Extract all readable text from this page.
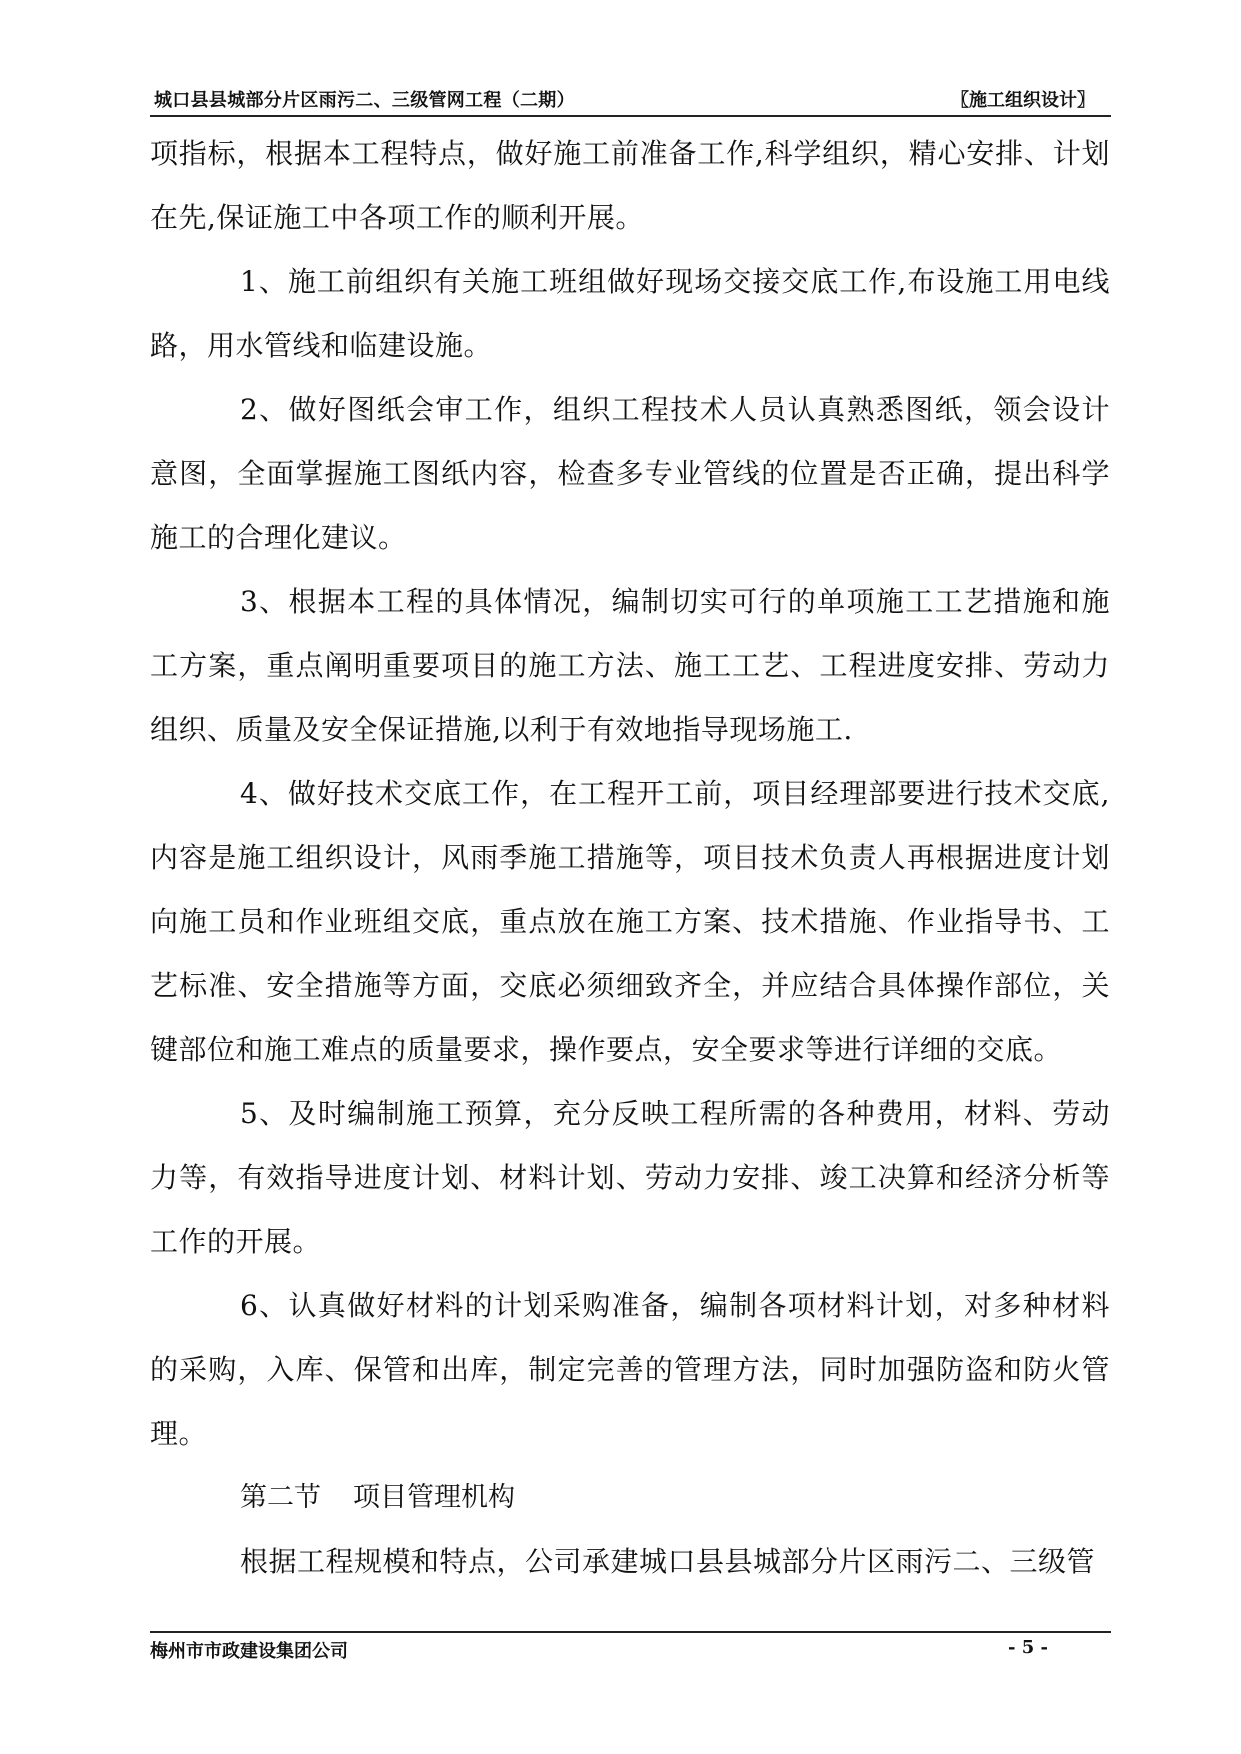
城口县县城部分片区雨污二、三级管网工程（二期）	〖施工组织设计〗

项指标，根据本工程特点，做好施工前准备工作,科学组织，精心安排、计划在先,保证施工中各项工作的顺利开展。

1、施工前组织有关施工班组做好现场交接交底工作,布设施工用电线路，用水管线和临建设施。

2、做好图纸会审工作，组织工程技术人员认真熟悉图纸，领会设计意图，全面掌握施工图纸内容，检查多专业管线的位置是否正确，提出科学施工的合理化建议。

3、根据本工程的具体情况，编制切实可行的单项施工工艺措施和施工方案，重点阐明重要项目的施工方法、施工工艺、工程进度安排、劳动力组织、质量及安全保证措施,以利于有效地指导现场施工.

4、做好技术交底工作，在工程开工前，项目经理部要进行技术交底,内容是施工组织设计，风雨季施工措施等，项目技术负责人再根据进度计划向施工员和作业班组交底，重点放在施工方案、技术措施、作业指导书、工艺标准、安全措施等方面，交底必须细致齐全，并应结合具体操作部位，关键部位和施工难点的质量要求，操作要点，安全要求等进行详细的交底。

5、及时编制施工预算，充分反映工程所需的各种费用，材料、劳动力等，有效指导进度计划、材料计划、劳动力安排、竣工决算和经济分析等工作的开展。

6、认真做好材料的计划采购准备，编制各项材料计划，对多种材料的采购，入库、保管和出库，制定完善的管理方法，同时加强防盗和防火管理。

第二节 项目管理机构

根据工程规模和特点，公司承建城口县县城部分片区雨污二、三级管

梅州市市政建设集团公司	- 5 -
